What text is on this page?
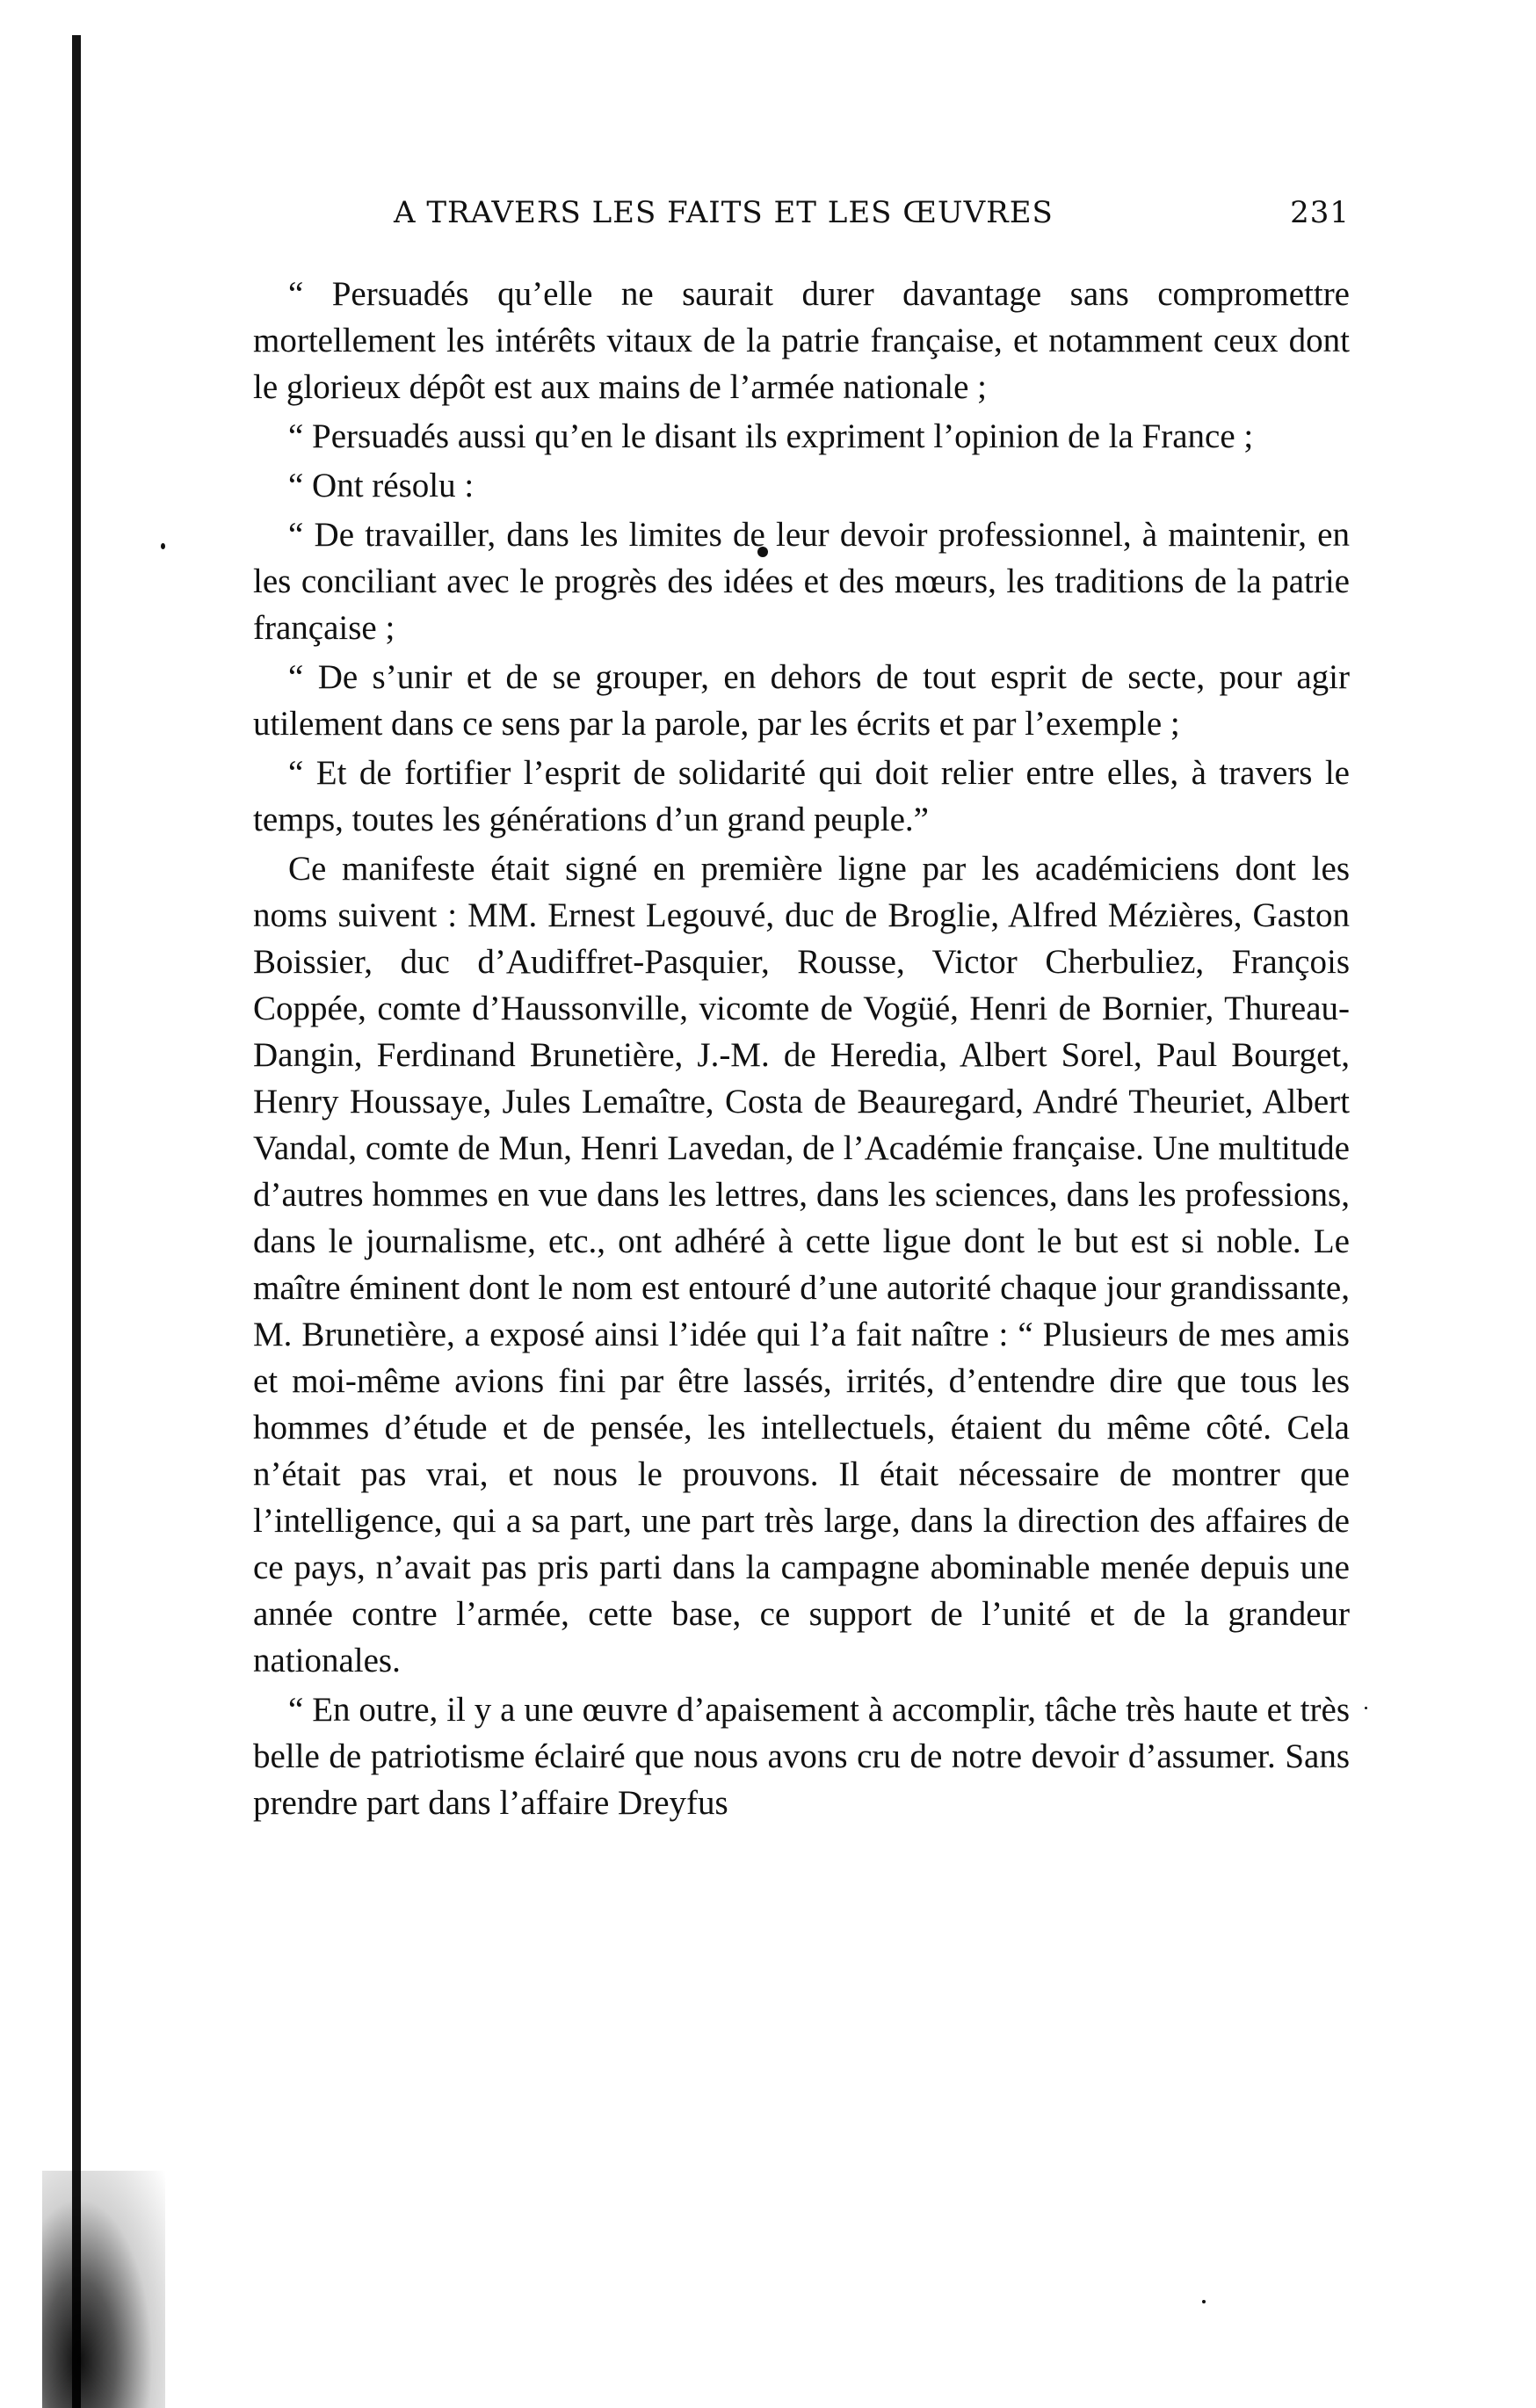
A TRAVERS LES FAITS ET LES ŒUVRES	231

“ Persuadés qu’elle ne saurait durer davantage sans compromettre mortellement les intérêts vitaux de la patrie française, et notamment ceux dont le glorieux dépôt est aux mains de l’armée nationale ;

“ Persuadés aussi qu’en le disant ils expriment l’opinion de la France ;

“ Ont résolu :

“ De travailler, dans les limites de leur devoir professionnel, à maintenir, en les conciliant avec le progrès des idées et des mœurs, les traditions de la patrie française ;

“ De s’unir et de se grouper, en dehors de tout esprit de secte, pour agir utilement dans ce sens par la parole, par les écrits et par l’exemple ;

“ Et de fortifier l’esprit de solidarité qui doit relier entre elles, à travers le temps, toutes les générations d’un grand peuple.”

Ce manifeste était signé en première ligne par les académiciens dont les noms suivent : MM. Ernest Legouvé, duc de Broglie, Alfred Mézières, Gaston Boissier, duc d’Audiffret-Pasquier, Rousse, Victor Cherbuliez, François Coppée, comte d’Haussonville, vicomte de Vogüé, Henri de Bornier, Thureau-Dangin, Ferdinand Brunetière, J.-M. de Heredia, Albert Sorel, Paul Bourget, Henry Houssaye, Jules Lemaître, Costa de Beauregard, André Theuriet, Albert Vandal, comte de Mun, Henri Lavedan, de l’Académie française. Une multitude d’autres hommes en vue dans les lettres, dans les sciences, dans les professions, dans le journalisme, etc., ont adhéré à cette ligue dont le but est si noble. Le maître éminent dont le nom est entouré d’une autorité chaque jour grandissante, M. Brunetière, a exposé ainsi l’idée qui l’a fait naître : “ Plusieurs de mes amis et moi-même avions fini par être lassés, irrités, d’entendre dire que tous les hommes d’étude et de pensée, les intellectuels, étaient du même côté. Cela n’était pas vrai, et nous le prouvons. Il était nécessaire de montrer que l’intelligence, qui a sa part, une part très large, dans la direction des affaires de ce pays, n’avait pas pris parti dans la campagne abominable menée depuis une année contre l’armée, cette base, ce support de l’unité et de la grandeur nationales.

“ En outre, il y a une œuvre d’apaisement à accomplir, tâche très haute et très belle de patriotisme éclairé que nous avons cru de notre devoir d’assumer. Sans prendre part dans l’affaire Dreyfus
